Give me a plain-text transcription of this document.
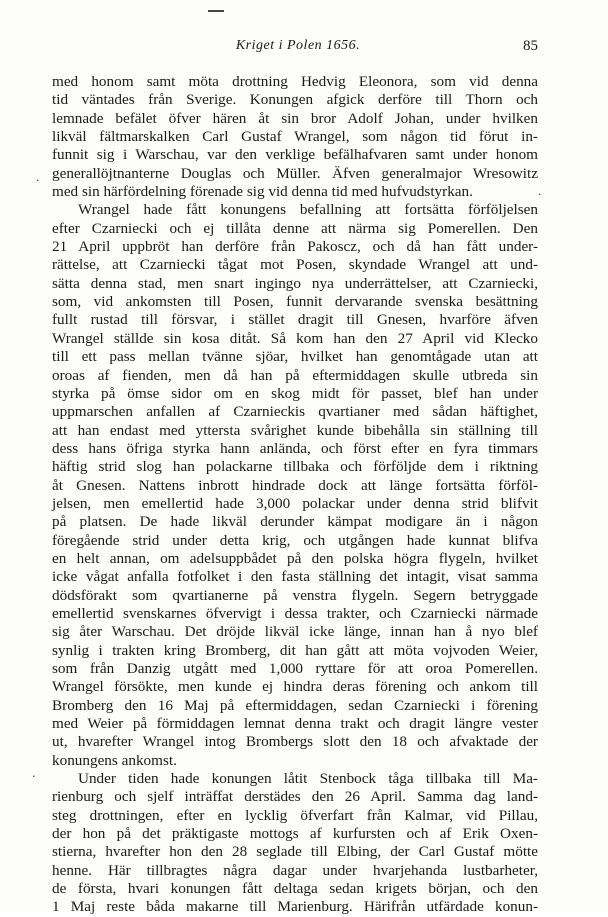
Kriget i Polen 1656.	85
·
·
·
med honom samt möta drottning Hedvig Eleonora, som vid denna
tid väntades från Sverige. Konungen afgick derföre till Thorn och
lemnade befälet öfver hären åt sin bror Adolf Johan, under hvilken
likväl fältmarskalken Carl Gustaf Wrangel, som någon tid förut in-
funnit sig i Warschau, var den verklige befälhafvaren samt under honom
generallöjtnanterne Douglas och Müller. Äfven generalmajor Wresowitz
med sin härfördelning förenade sig vid denna tid med hufvudstyrkan.
Wrangel hade fått konungens befallning att fortsätta förföljelsen
efter Czarniecki och ej tillåta denne att närma sig Pomerellen. Den
21 April uppbröt han derföre från Pakoscz, och då han fått under-
rättelse, att Czarniecki tågat mot Posen, skyndade Wrangel att und-
sätta denna stad, men snart ingingo nya underrättelser, att Czarniecki,
som, vid ankomsten till Posen, funnit dervarande svenska besättning
fullt rustad till försvar, i stället dragit till Gnesen, hvarföre äfven
Wrangel ställde sin kosa ditåt. Så kom han den 27 April vid Klecko
till ett pass mellan tvänne sjöar, hvilket han genomtågade utan att
oroas af fienden, men då han på eftermiddagen skulle utbreda sin
styrka på ömse sidor om en skog midt för passet, blef han under
uppmarschen anfallen af Czarnieckis qvartianer med sådan häftighet,
att han endast med yttersta svårighet kunde bibehålla sin ställning till
dess hans öfriga styrka hann anlända, och först efter en fyra timmars
häftig strid slog han polackarne tillbaka och förföljde dem i riktning
åt Gnesen. Nattens inbrott hindrade dock att länge fortsätta förföl-
jelsen, men emellertid hade 3,000 polackar under denna strid blifvit
på platsen. De hade likväl derunder kämpat modigare än i någon
föregående strid under detta krig, och utgången hade kunnat blifva
en helt annan, om adelsuppbådet på den polska högra flygeln, hvilket
icke vågat anfalla fotfolket i den fasta ställning det intagit, visat samma
dödsförakt som qvartianerne på venstra flygeln. Segern betryggade
emellertid svenskarnes öfvervigt i dessa trakter, och Czarniecki närmade
sig åter Warschau. Det dröjde likväl icke länge, innan han å nyo blef
synlig i trakten kring Bromberg, dit han gått att möta vojvoden Weier,
som från Danzig utgått med 1,000 ryttare för att oroa Pomerellen.
Wrangel försökte, men kunde ej hindra deras förening och ankom till
Bromberg den 16 Maj på eftermiddagen, sedan Czarniecki i förening
med Weier på förmiddagen lemnat denna trakt och dragit längre vester
ut, hvarefter Wrangel intog Brombergs slott den 18 och afvaktade der
konungens ankomst.
Under tiden hade konungen låtit Stenbock tåga tillbaka till Ma-
rienburg och sjelf inträffat derstädes den 26 April. Samma dag land-
steg drottningen, efter en lycklig öfverfart från Kalmar, vid Pillau,
der hon på det präktigaste mottogs af kurfursten och af Erik Oxen-
stierna, hvarefter hon den 28 seglade till Elbing, der Carl Gustaf mötte
henne. Här tillbragtes några dagar under hvarjehanda lustbarheter,
de första, hvari konungen fått deltaga sedan krigets början, och den
1 Maj reste båda makarne till Marienburg. Härifrån utfärdade konun-
